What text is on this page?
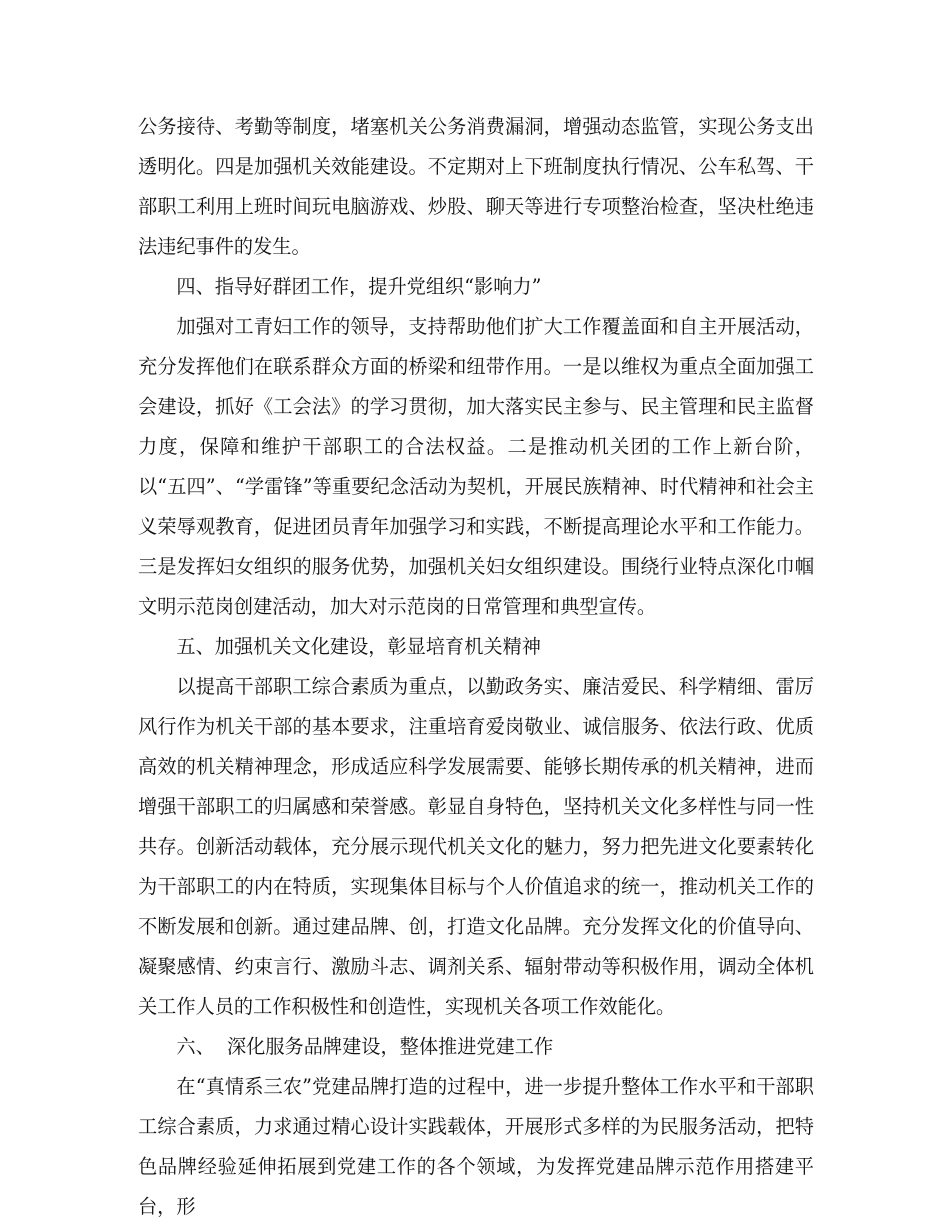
公务接待、考勤等制度，堵塞机关公务消费漏洞，增强动态监管，实现公务支出透明化。四是加强机关效能建设。不定期对上下班制度执行情况、公车私驾、干部职工利用上班时间玩电脑游戏、炒股、聊天等进行专项整治检查，坚决杜绝违法违纪事件的发生。

四、指导好群团工作，提升党组织“影响力”

加强对工青妇工作的领导，支持帮助他们扩大工作覆盖面和自主开展活动，充分发挥他们在联系群众方面的桥梁和纽带作用。一是以维权为重点全面加强工会建设，抓好《工会法》的学习贯彻，加大落实民主参与、民主管理和民主监督力度，保障和维护干部职工的合法权益。二是推动机关团的工作上新台阶，以“五四”、“学雷锋”等重要纪念活动为契机，开展民族精神、时代精神和社会主义荣辱观教育，促进团员青年加强学习和实践，不断提高理论水平和工作能力。三是发挥妇女组织的服务优势，加强机关妇女组织建设。围绕行业特点深化巾帼文明示范岗创建活动，加大对示范岗的日常管理和典型宣传。

五、加强机关文化建设，彰显培育机关精神

以提高干部职工综合素质为重点，以勤政务实、廉洁爱民、科学精细、雷厉风行作为机关干部的基本要求，注重培育爱岗敬业、诚信服务、依法行政、优质高效的机关精神理念，形成适应科学发展需要、能够长期传承的机关精神，进而增强干部职工的归属感和荣誉感。彰显自身特色，坚持机关文化多样性与同一性共存。创新活动载体，充分展示现代机关文化的魅力，努力把先进文化要素转化为干部职工的内在特质，实现集体目标与个人价值追求的统一，推动机关工作的不断发展和创新。通过建品牌、创，打造文化品牌。充分发挥文化的价值导向、凝聚感情、约束言行、激励斗志、调剂关系、辐射带动等积极作用，调动全体机关工作人员的工作积极性和创造性，实现机关各项工作效能化。

六、  深化服务品牌建设，整体推进党建工作

在“真情系三农”党建品牌打造的过程中，进一步提升整体工作水平和干部职工综合素质，力求通过精心设计实践载体，开展形式多样的为民服务活动，把特色品牌经验延伸拓展到党建工作的各个领域，为发挥党建品牌示范作用搭建平台，形
